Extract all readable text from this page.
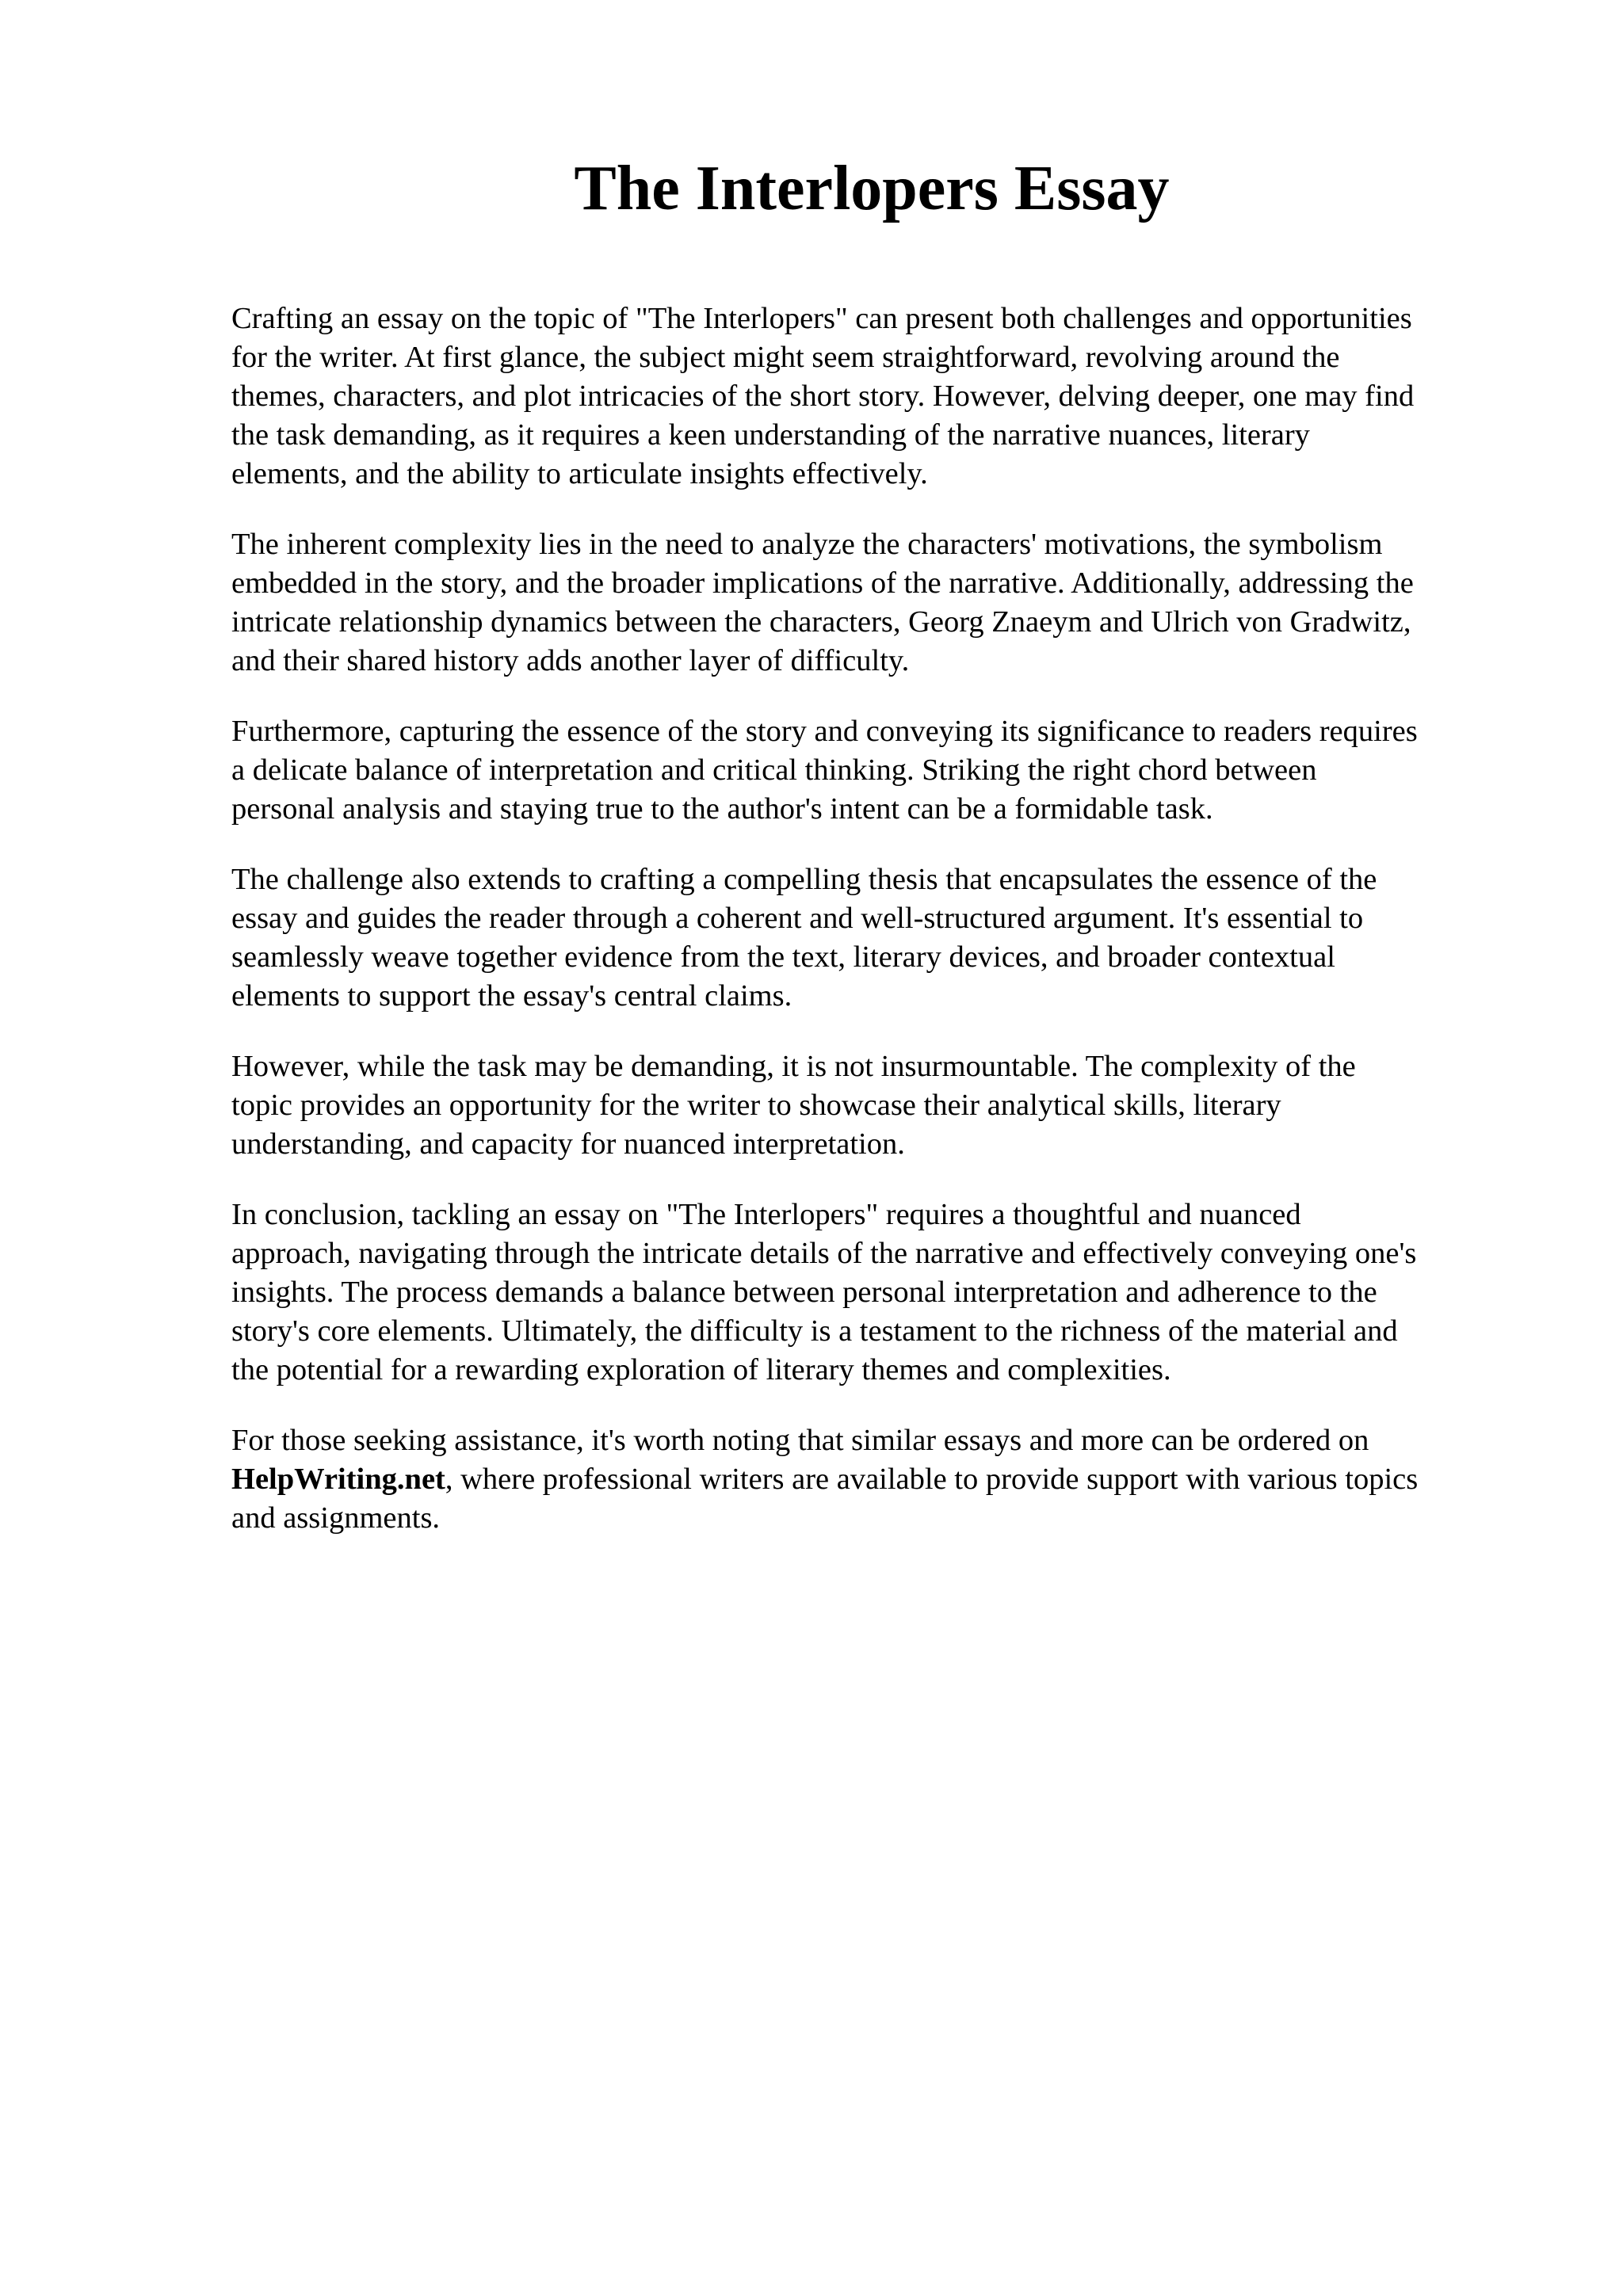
The Interlopers Essay

Crafting an essay on the topic of "The Interlopers" can present both challenges and opportunities
for the writer. At first glance, the subject might seem straightforward, revolving around the
themes, characters, and plot intricacies of the short story. However, delving deeper, one may find
the task demanding, as it requires a keen understanding of the narrative nuances, literary
elements, and the ability to articulate insights effectively.

The inherent complexity lies in the need to analyze the characters' motivations, the symbolism
embedded in the story, and the broader implications of the narrative. Additionally, addressing the
intricate relationship dynamics between the characters, Georg Znaeym and Ulrich von Gradwitz,
and their shared history adds another layer of difficulty.

Furthermore, capturing the essence of the story and conveying its significance to readers requires
a delicate balance of interpretation and critical thinking. Striking the right chord between
personal analysis and staying true to the author's intent can be a formidable task.

The challenge also extends to crafting a compelling thesis that encapsulates the essence of the
essay and guides the reader through a coherent and well-structured argument. It's essential to
seamlessly weave together evidence from the text, literary devices, and broader contextual
elements to support the essay's central claims.

However, while the task may be demanding, it is not insurmountable. The complexity of the
topic provides an opportunity for the writer to showcase their analytical skills, literary
understanding, and capacity for nuanced interpretation.

In conclusion, tackling an essay on "The Interlopers" requires a thoughtful and nuanced
approach, navigating through the intricate details of the narrative and effectively conveying one's
insights. The process demands a balance between personal interpretation and adherence to the
story's core elements. Ultimately, the difficulty is a testament to the richness of the material and
the potential for a rewarding exploration of literary themes and complexities.

For those seeking assistance, it's worth noting that similar essays and more can be ordered on
HelpWriting.net, where professional writers are available to provide support with various topics
and assignments.
